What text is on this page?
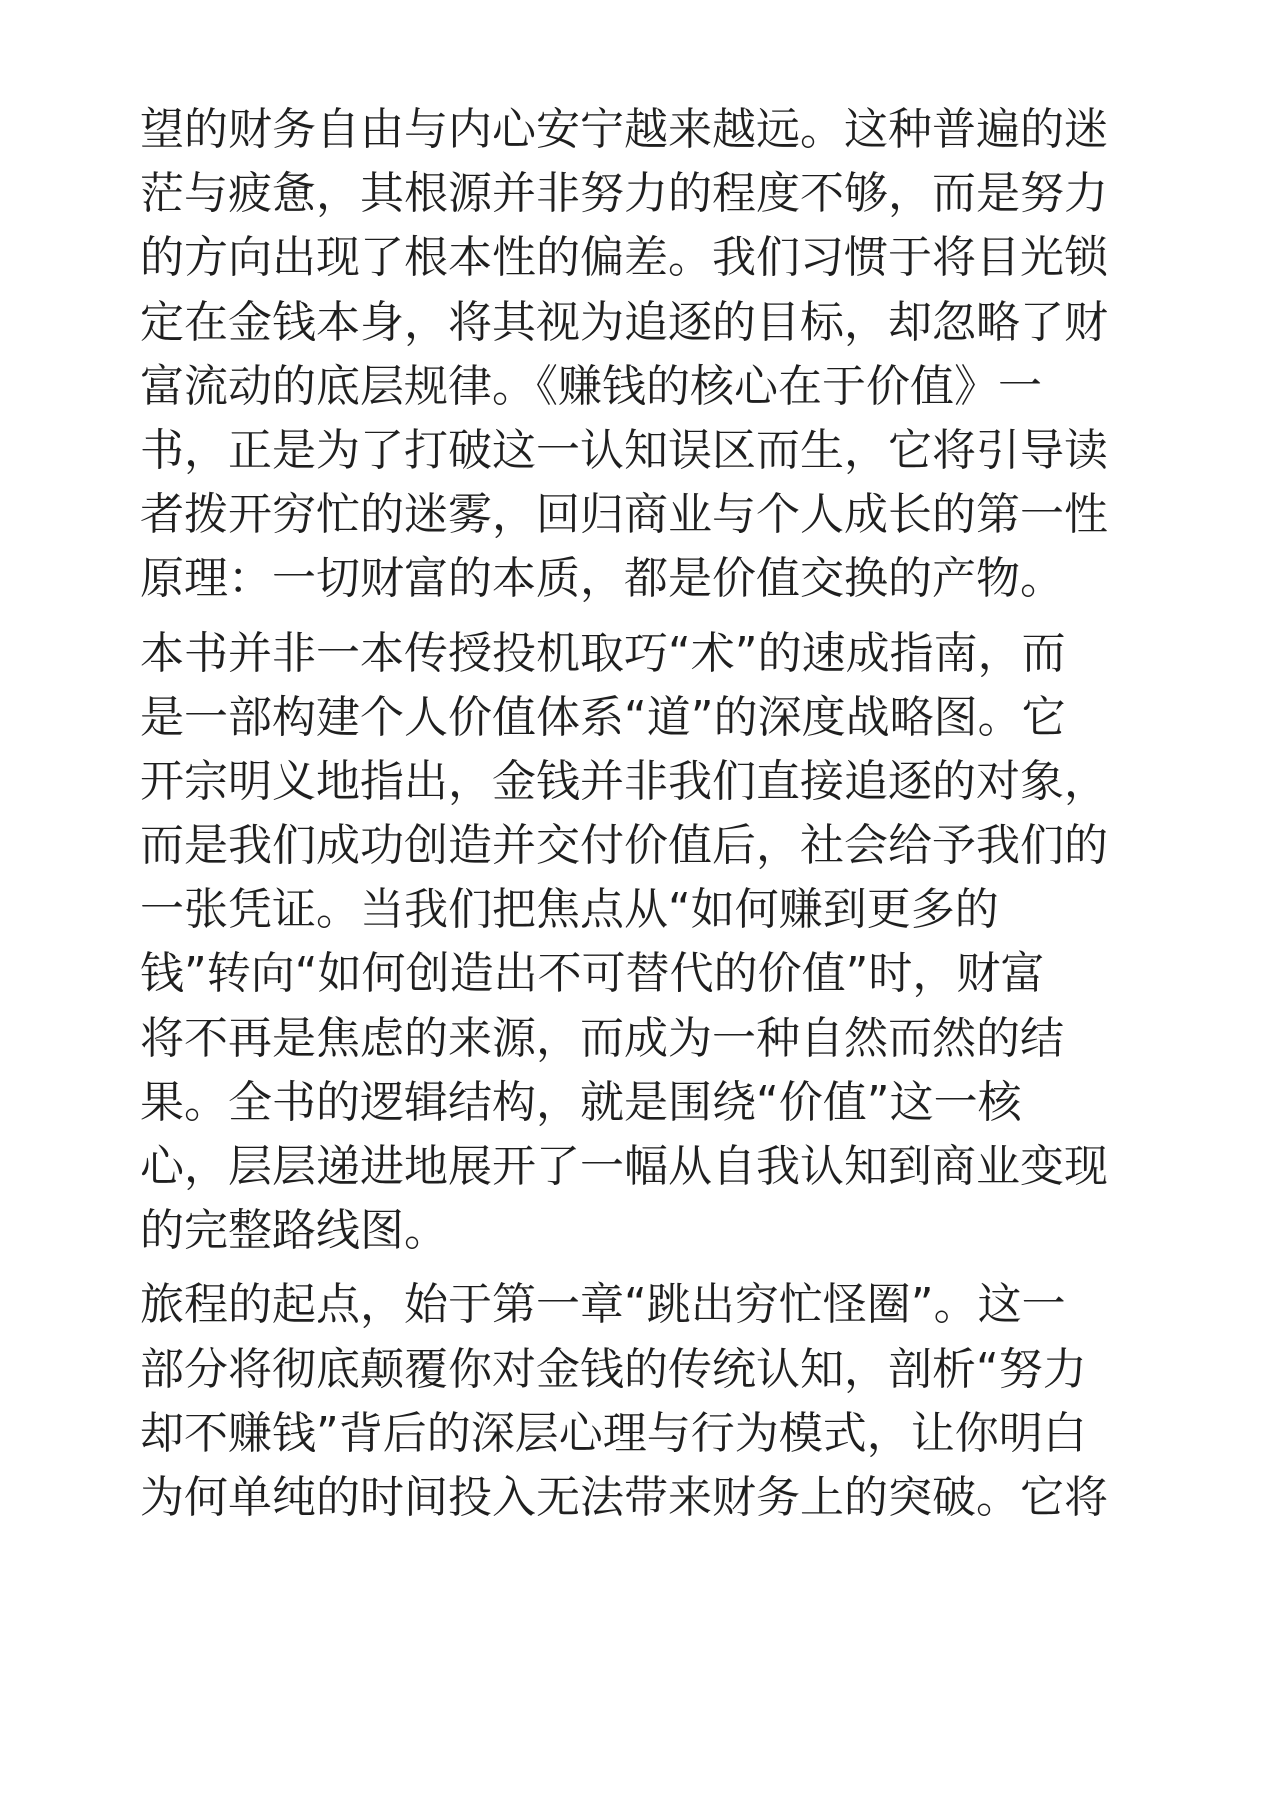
望的财务自由与内心安宁越来越远。这种普遍的迷
茫与疲惫，其根源并非努力的程度不够，而是努力
的方向出现了根本性的偏差。我们习惯于将目光锁
定在金钱本身，将其视为追逐的目标，却忽略了财
富流动的底层规律。《赚钱的核心在于价值》一
书，正是为了打破这一认知误区而生，它将引导读
者拨开穷忙的迷雾，回归商业与个人成长的第一性
原理：一切财富的本质，都是价值交换的产物。
本书并非一本传授投机取巧“术”的速成指南，而
是一部构建个人价值体系“道”的深度战略图。它
开宗明义地指出，金钱并非我们直接追逐的对象，
而是我们成功创造并交付价值后，社会给予我们的
一张凭证。当我们把焦点从“如何赚到更多的
钱”转向“如何创造出不可替代的价值”时，财富
将不再是焦虑的来源，而成为一种自然而然的结
果。全书的逻辑结构，就是围绕“价值”这一核
心，层层递进地展开了一幅从自我认知到商业变现
的完整路线图。
旅程的起点，始于第一章“跳出穷忙怪圈”。这一
部分将彻底颠覆你对金钱的传统认知，剖析“努力
却不赚钱”背后的深层心理与行为模式，让你明白
为何单纯的时间投入无法带来财务上的突破。它将
